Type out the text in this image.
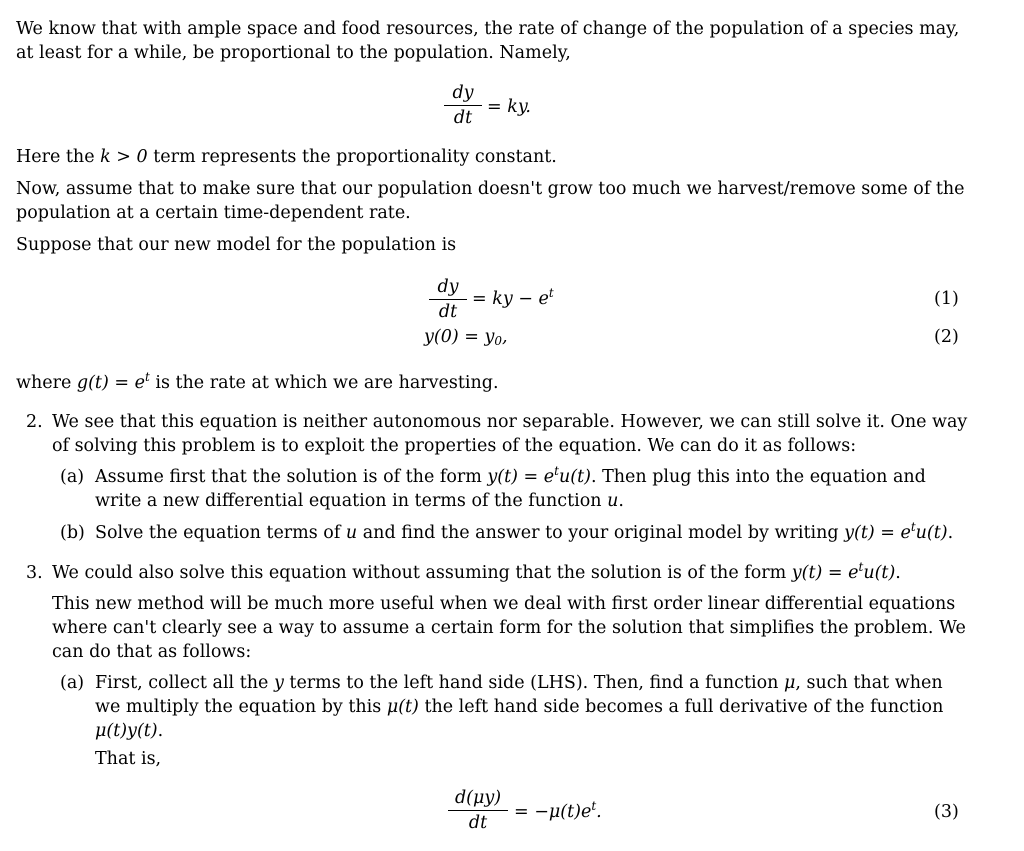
We know that with ample space and food resources, the rate of change of the population of a species may,
at least for a while, be proportional to the population. Namely,
$\frac{dy}{dt}$ = ky.
Here the k > 0 term represents the proportionality constant.
Now, assume that to make sure that our population doesn't grow too much we harvest/remove some of the
population at a certain time-dependent rate.
Suppose that our new model for the population is
$\frac{dy}{dt}$ = ky − $e^t$	(1)
$y(0) = y_0$,	(2)
where $g(t) = e^t$ is the rate at which we are harvesting.
2. We see that this equation is neither autonomous nor separable. However, we can still solve it. One way
of solving this problem is to exploit the properties of the equation. We can do it as follows:
(a) Assume first that the solution is of the form $y(t) = e^tu(t)$. Then plug this into the equation and
write a new differential equation in terms of the function u.
(b) Solve the equation terms of u and find the answer to your original model by writing $y(t) = e^tu(t)$.
3. We could also solve this equation without assuming that the solution is of the form $y(t) = e^tu(t)$.
This new method will be much more useful when we deal with first order linear differential equations
where can't clearly see a way to assume a certain form for the solution that simplifies the problem. We
can do that as follows:
(a) First, collect all the y terms to the left hand side (LHS). Then, find a function μ, such that when
we multiply the equation by this μ(t) the left hand side becomes a full derivative of the function
μ(t)y(t).
That is,
$\frac{d(\mu y)}{dt} = -\mu(t)e^t$.	(3)
